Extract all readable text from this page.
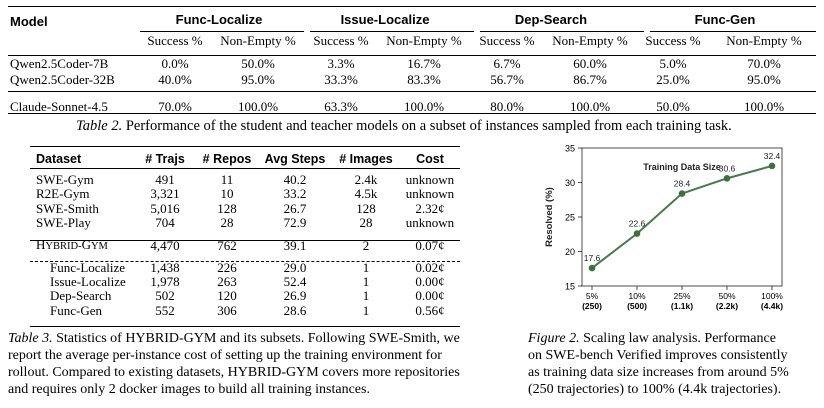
Model	Func-Localize		Issue-Localize		Dep-Search		Func-Gen	
	Success %	Non-Empty %	Success %	Non-Empty %	Success %	Non-Empty %	Success %	Non-Empty %
Qwen2.5Coder-7B	0.0%	50.0%	3.3%	16.7%	6.7%	60.0%	5.0%	70.0%
Qwen2.5Coder-32B	40.0%	95.0%	33.3%	83.3%	56.7%	86.7%	25.0%	95.0%
Claude-Sonnet-4.5	70.0%	100.0%	63.3%	100.0%	80.0%	100.0%	50.0%	100.0%
Table 2. Performance of the student and teacher models on a subset of instances sampled from each training task.
Dataset	# Trajs	# Repos	Avg Steps	# Images	Cost
SWE-Gym	491	11	40.2	2.4k	unknown
R2E-Gym	3,321	10	33.2	4.5k	unknown
SWE-Smith	5,016	128	26.7	128	2.32¢
SWE-Play	704	28	72.9	28	unknown
HYBRID-GYM	4,470	762	39.1	2	0.07¢
Func-Localize	1,438	226	29.0	1	0.02¢
Issue-Localize	1,978	263	52.4	1	0.00¢
Dep-Search	502	120	26.9	1	0.00¢
Func-Gen	552	306	28.6	1	0.56¢
Table 3. Statistics of HYBRID-GYM and its subsets. Following SWE-Smith, we
report the average per-instance cost of setting up the training environment for
rollout. Compared to existing datasets, HYBRID-GYM covers more repositories
and requires only 2 docker images to build all training instances.
15
20
25
30
35
5%
(250)
10%
(500)
25%
(1.1k)
50%
(2.2k)
100%
(4.4k)
Training Data Size
Resolved (%)
17.6
22.6
28.4
30.6
32.4
Figure 2. Scaling law analysis. Performance
on SWE-bench Verified improves consistently
as training data size increases from around 5%
(250 trajectories) to 100% (4.4k trajectories).
